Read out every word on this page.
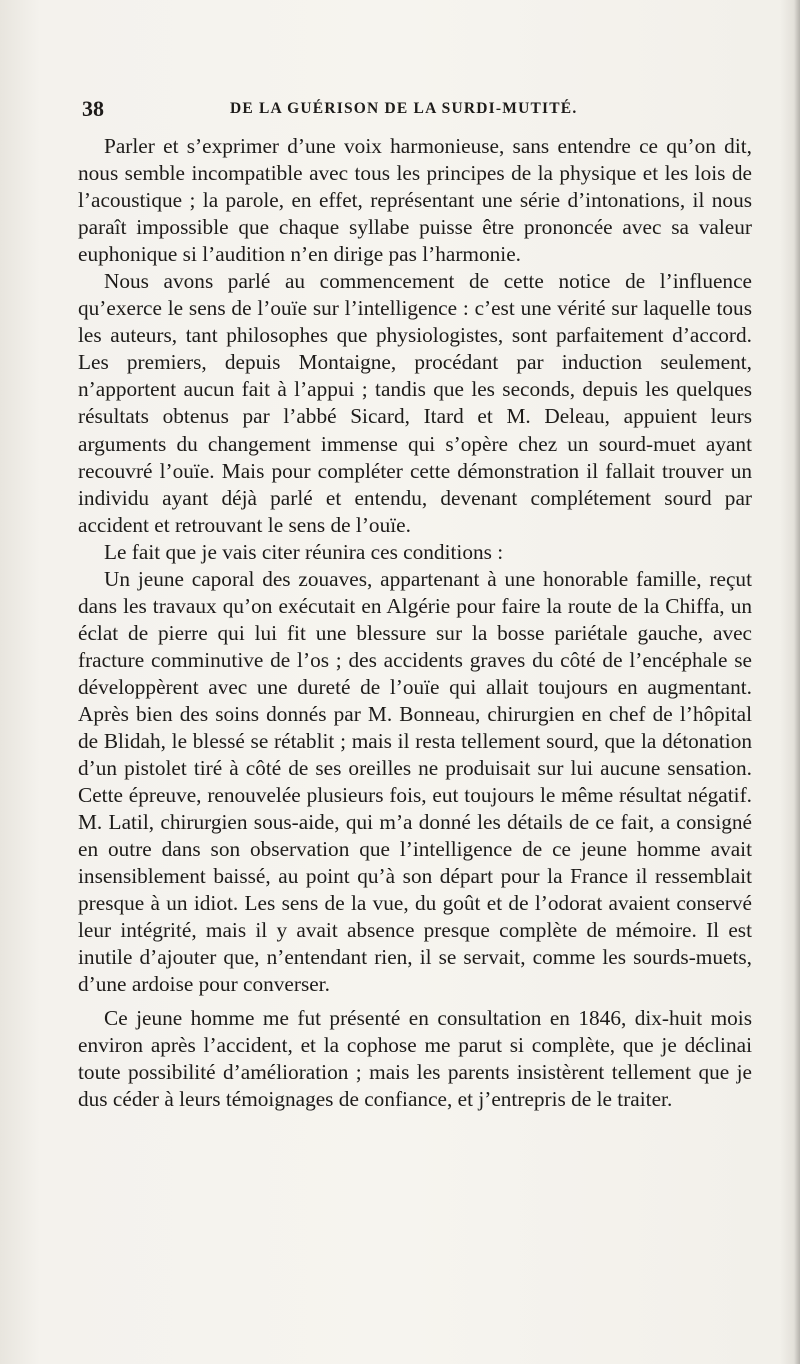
38	DE LA GUÉRISON DE LA SURDI-MUTITÉ.

Parler et s’exprimer d’une voix harmonieuse, sans entendre ce qu’on dit, nous semble incompatible avec tous les principes de la physique et les lois de l’acoustique ; la parole, en effet, représentant une série d’intonations, il nous paraît impossible que chaque syllabe puisse être prononcée avec sa valeur euphonique si l’audition n’en dirige pas l’harmonie.

Nous avons parlé au commencement de cette notice de l’influence qu’exerce le sens de l’ouïe sur l’intelligence : c’est une vérité sur laquelle tous les auteurs, tant philosophes que physiologistes, sont parfaitement d’accord. Les premiers, depuis Montaigne, procédant par induction seulement, n’apportent aucun fait à l’appui ; tandis que les seconds, depuis les quelques résultats obtenus par l’abbé Sicard, Itard et M. Deleau, appuient leurs arguments du changement immense qui s’opère chez un sourd-muet ayant recouvré l’ouïe. Mais pour compléter cette démonstration il fallait trouver un individu ayant déjà parlé et entendu, devenant complétement sourd par accident et retrouvant le sens de l’ouïe.

Le fait que je vais citer réunira ces conditions :

Un jeune caporal des zouaves, appartenant à une honorable famille, reçut dans les travaux qu’on exécutait en Algérie pour faire la route de la Chiffa, un éclat de pierre qui lui fit une blessure sur la bosse pariétale gauche, avec fracture comminutive de l’os ; des accidents graves du côté de l’encéphale se développèrent avec une dureté de l’ouïe qui allait toujours en augmentant. Après bien des soins donnés par M. Bonneau, chirurgien en chef de l’hôpital de Blidah, le blessé se rétablit ; mais il resta tellement sourd, que la détonation d’un pistolet tiré à côté de ses oreilles ne produisait sur lui aucune sensation. Cette épreuve, renouvelée plusieurs fois, eut toujours le même résultat négatif. M. Latil, chirurgien sous-aide, qui m’a donné les détails de ce fait, a consigné en outre dans son observation que l’intelligence de ce jeune homme avait insensiblement baissé, au point qu’à son départ pour la France il ressemblait presque à un idiot. Les sens de la vue, du goût et de l’odorat avaient conservé leur intégrité, mais il y avait absence presque complète de mémoire. Il est inutile d’ajouter que, n’entendant rien, il se servait, comme les sourds-muets, d’une ardoise pour converser.

Ce jeune homme me fut présenté en consultation en 1846, dix-huit mois environ après l’accident, et la cophose me parut si complète, que je déclinai toute possibilité d’amélioration ; mais les parents insistèrent tellement que je dus céder à leurs témoignages de confiance, et j’entrepris de le traiter.
